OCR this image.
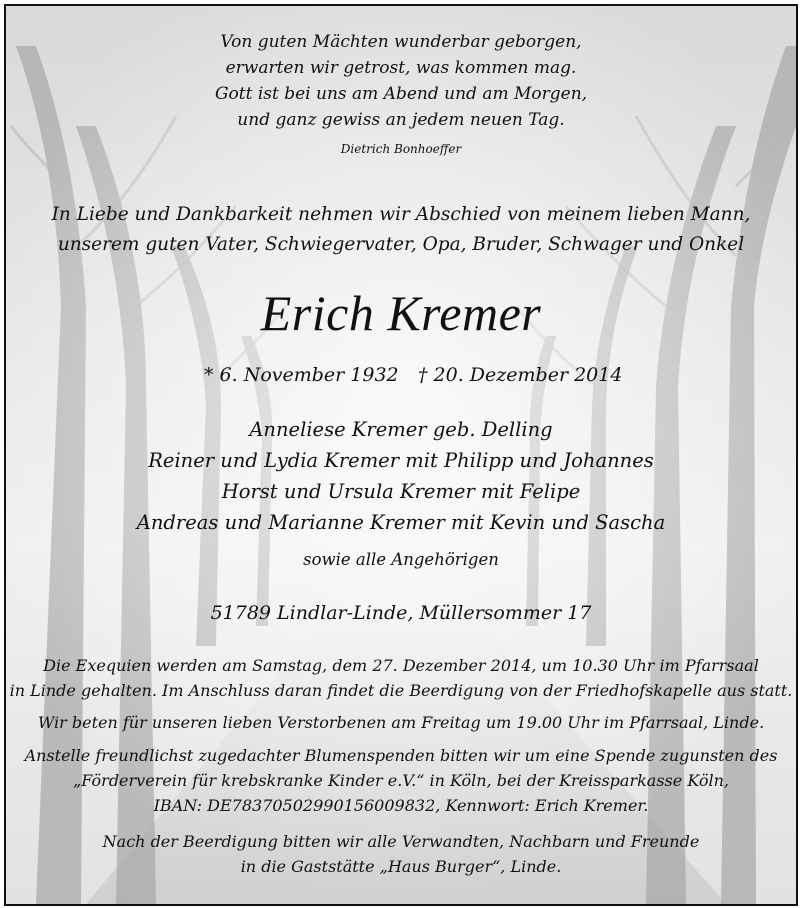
Von guten Mächten wunderbar geborgen,
erwarten wir getrost, was kommen mag.
Gott ist bei uns am Abend und am Morgen,
und ganz gewiss an jedem neuen Tag.
Dietrich Bonhoeffer
In Liebe und Dankbarkeit nehmen wir Abschied von meinem lieben Mann,
unserem guten Vater, Schwiegervater, Opa, Bruder, Schwager und Onkel
Erich Kremer
* 6. November 1932 † 20. Dezember 2014
Anneliese Kremer geb. Delling
Reiner und Lydia Kremer mit Philipp und Johannes
Horst und Ursula Kremer mit Felipe
Andreas und Marianne Kremer mit Kevin und Sascha
sowie alle Angehörigen
51789 Lindlar-Linde, Müllersommer 17
Die Exequien werden am Samstag, dem 27. Dezember 2014, um 10.30 Uhr im Pfarrsaal
in Linde gehalten. Im Anschluss daran findet die Beerdigung von der Friedhofskapelle aus statt.
Wir beten für unseren lieben Verstorbenen am Freitag um 19.00 Uhr im Pfarrsaal, Linde.
Anstelle freundlichst zugedachter Blumenspenden bitten wir um eine Spende zugunsten des
„Förderverein für krebskranke Kinder e.V.“ in Köln, bei der Kreissparkasse Köln,
IBAN: DE78370502990156009832, Kennwort: Erich Kremer.
Nach der Beerdigung bitten wir alle Verwandten, Nachbarn und Freunde
in die Gaststätte „Haus Burger“, Linde.
